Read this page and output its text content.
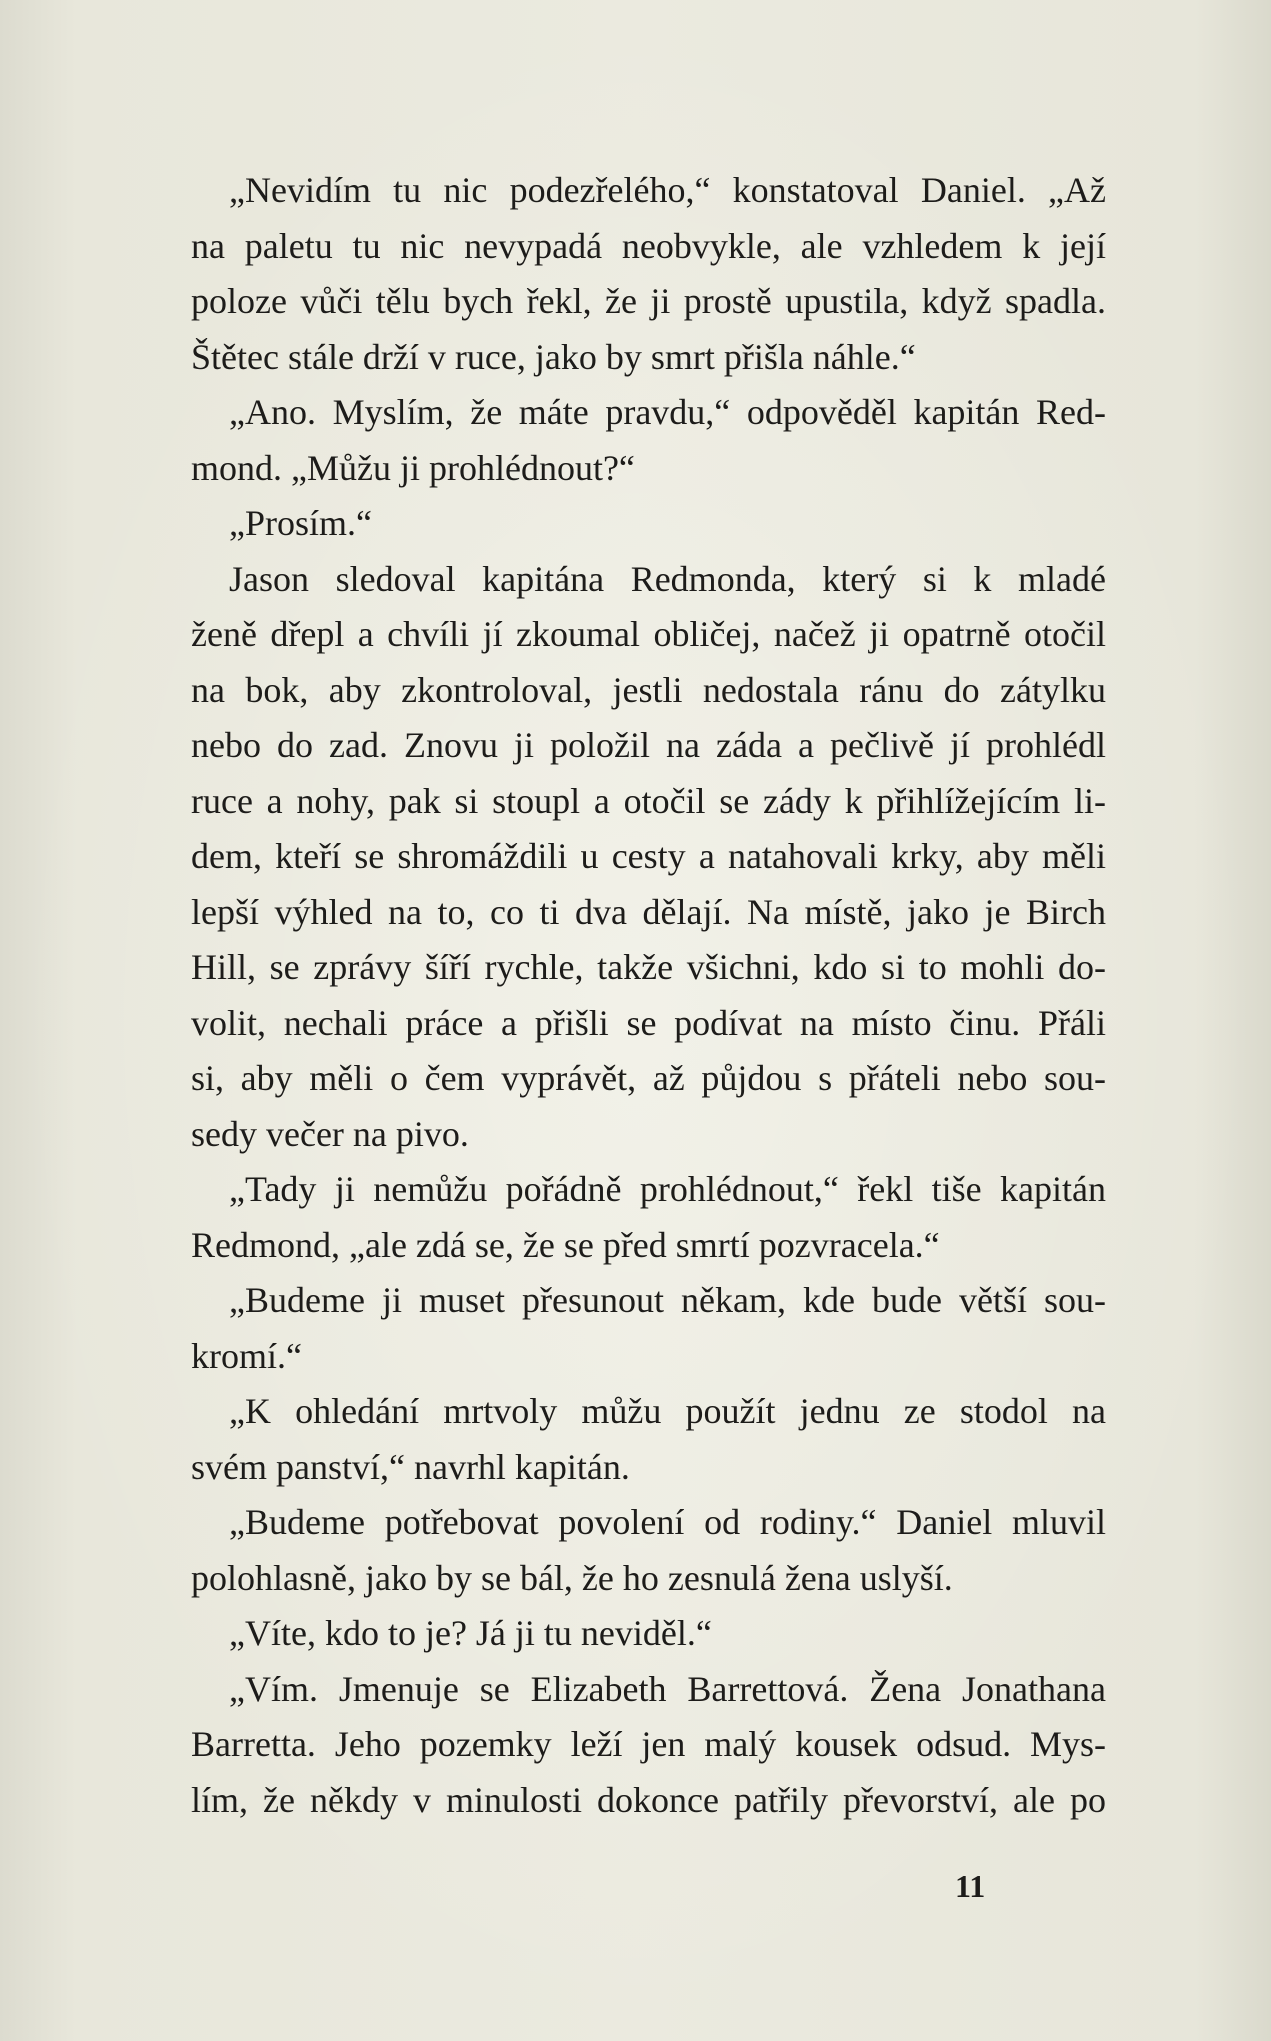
„Nevidím tu nic podezřelého,“ konstatoval Daniel. „Až
na paletu tu nic nevypadá neobvykle, ale vzhledem k její
poloze vůči tělu bych řekl, že ji prostě upustila, když spadla.
Štětec stále drží v ruce, jako by smrt přišla náhle.“
„Ano. Myslím, že máte pravdu,“ odpověděl kapitán Red-
mond. „Můžu ji prohlédnout?“
„Prosím.“
Jason sledoval kapitána Redmonda, který si k mladé
ženě dřepl a chvíli jí zkoumal obličej, načež ji opatrně otočil
na bok, aby zkontroloval, jestli nedostala ránu do zátylku
nebo do zad. Znovu ji položil na záda a pečlivě jí prohlédl
ruce a nohy, pak si stoupl a otočil se zády k přihlížejícím li-
dem, kteří se shromáždili u cesty a natahovali krky, aby měli
lepší výhled na to, co ti dva dělají. Na místě, jako je Birch
Hill, se zprávy šíří rychle, takže všichni, kdo si to mohli do-
volit, nechali práce a přišli se podívat na místo činu. Přáli
si, aby měli o čem vyprávět, až půjdou s přáteli nebo sou-
sedy večer na pivo.
„Tady ji nemůžu pořádně prohlédnout,“ řekl tiše kapitán
Redmond, „ale zdá se, že se před smrtí pozvracela.“
„Budeme ji muset přesunout někam, kde bude větší sou-
kromí.“
„K ohledání mrtvoly můžu použít jednu ze stodol na
svém panství,“ navrhl kapitán.
„Budeme potřebovat povolení od rodiny.“ Daniel mluvil
polohlasně, jako by se bál, že ho zesnulá žena uslyší.
„Víte, kdo to je? Já ji tu neviděl.“
„Vím. Jmenuje se Elizabeth Barrettová. Žena Jonathana
Barretta. Jeho pozemky leží jen malý kousek odsud. Mys-
lím, že někdy v minulosti dokonce patřily převorství, ale po
11
